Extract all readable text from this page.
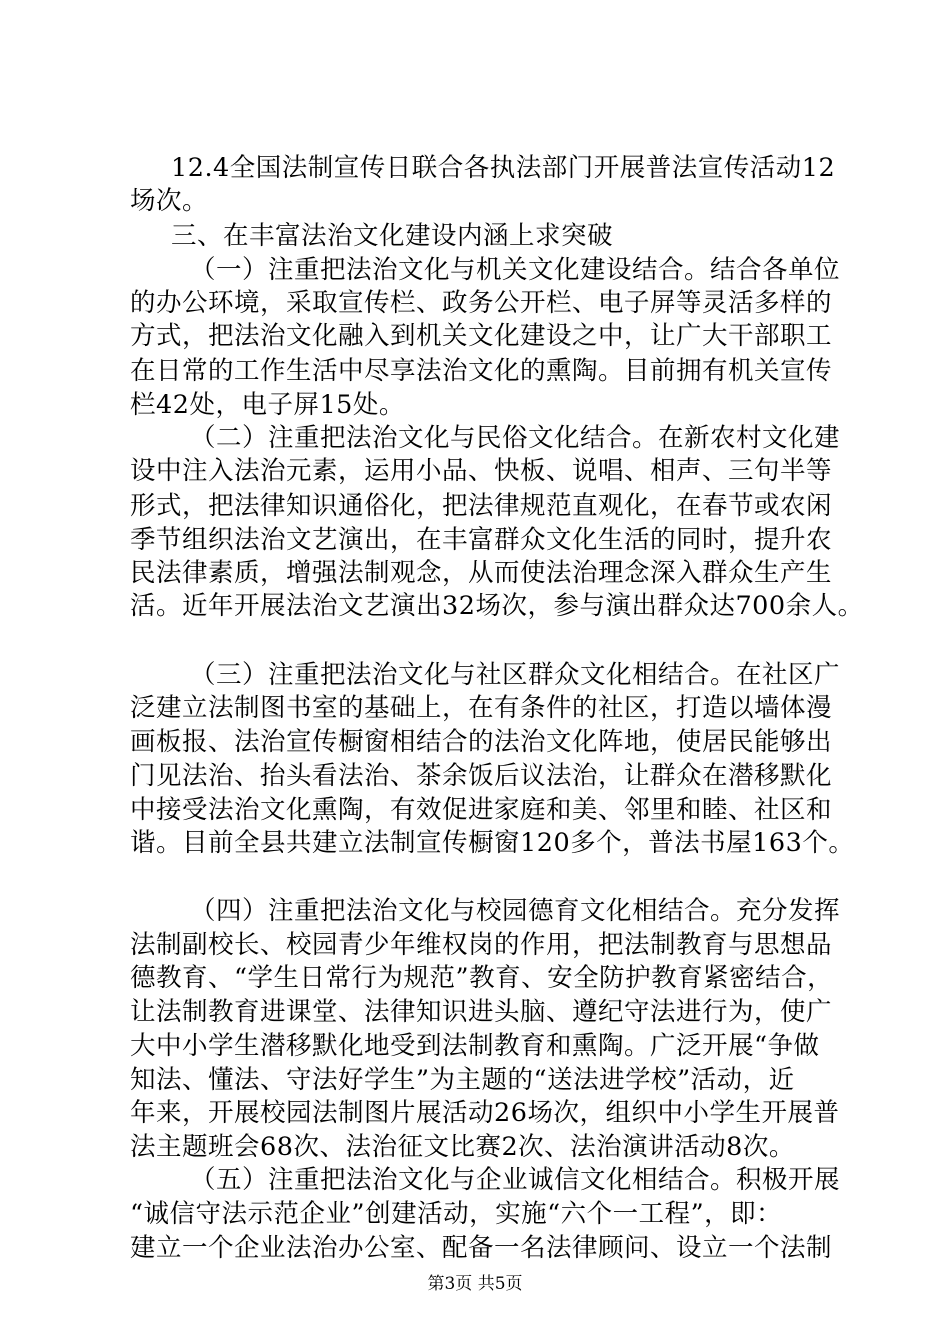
12.4全国法制宣传日联合各执法部门开展普法宣传活动12
场次。
三、在丰富法治文化建设内涵上求突破
（一）注重把法治文化与机关文化建设结合。结合各单位
的办公环境，采取宣传栏、政务公开栏、电子屏等灵活多样的
方式，把法治文化融入到机关文化建设之中，让广大干部职工
在日常的工作生活中尽享法治文化的熏陶。目前拥有机关宣传
栏42处，电子屏15处。
（二）注重把法治文化与民俗文化结合。在新农村文化建
设中注入法治元素，运用小品、快板、说唱、相声、三句半等
形式，把法律知识通俗化，把法律规范直观化，在春节或农闲
季节组织法治文艺演出，在丰富群众文化生活的同时，提升农
民法律素质，增强法制观念，从而使法治理念深入群众生产生
活。近年开展法治文艺演出32场次，参与演出群众达700余人。
（三）注重把法治文化与社区群众文化相结合。在社区广
泛建立法制图书室的基础上，在有条件的社区，打造以墙体漫
画板报、法治宣传橱窗相结合的法治文化阵地，使居民能够出
门见法治、抬头看法治、茶余饭后议法治，让群众在潜移默化
中接受法治文化熏陶，有效促进家庭和美、邻里和睦、社区和
谐。目前全县共建立法制宣传橱窗120多个，普法书屋163个。
（四）注重把法治文化与校园德育文化相结合。充分发挥
法制副校长、校园青少年维权岗的作用，把法制教育与思想品
德教育、“学生日常行为规范”教育、安全防护教育紧密结合，
让法制教育进课堂、法律知识进头脑、遵纪守法进行为，使广
大中小学生潜移默化地受到法制教育和熏陶。广泛开展“争做
知法、懂法、守法好学生”为主题的“送法进学校”活动，近
年来，开展校园法制图片展活动26场次，组织中小学生开展普
法主题班会68次、法治征文比赛2次、法治演讲活动8次。
（五）注重把法治文化与企业诚信文化相结合。积极开展
“诚信守法示范企业”创建活动，实施“六个一工程”，即：
建立一个企业法治办公室、配备一名法律顾问、设立一个法制
第3页 共5页
